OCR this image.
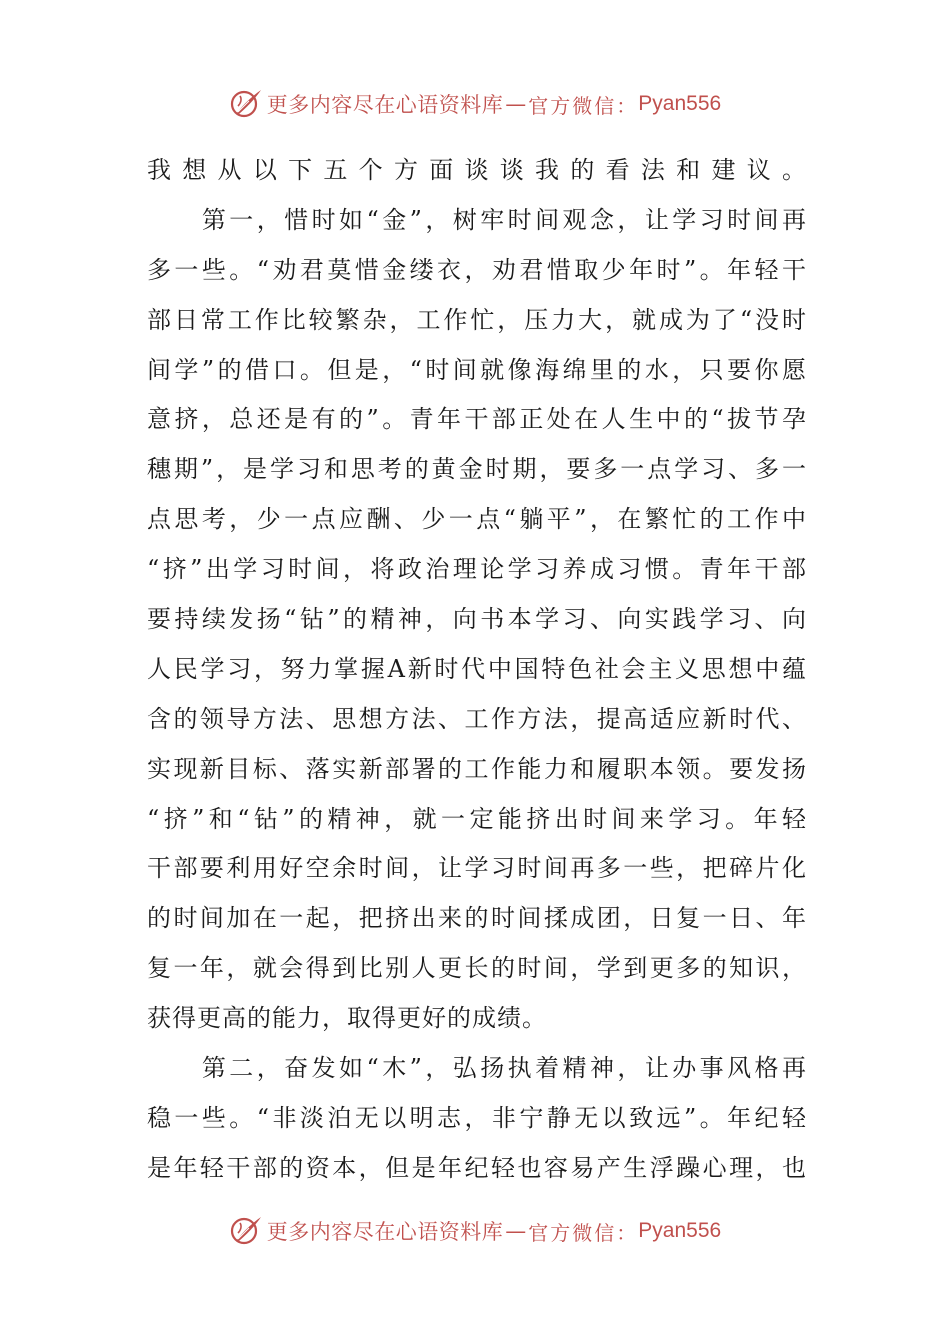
更多内容尽在心语资料库 — 官方微信： Pyan556
我想从以下五个方面谈谈我的看法和建议。
　　第一，惜时如“金”，树牢时间观念，让学习时间再
多一些。“劝君莫惜金缕衣，劝君惜取少年时”。年轻干
部日常工作比较繁杂，工作忙，压力大，就成为了“没时
间学”的借口。但是，“时间就像海绵里的水，只要你愿
意挤，总还是有的”。青年干部正处在人生中的“拔节孕
穗期”，是学习和思考的黄金时期，要多一点学习、多一
点思考，少一点应酬、少一点“躺平”，在繁忙的工作中
“挤”出学习时间，将政治理论学习养成习惯。青年干部
要持续发扬“钻”的精神，向书本学习、向实践学习、向
人民学习，努力掌握A新时代中国特色社会主义思想中蕴
含的领导方法、思想方法、工作方法，提高适应新时代、
实现新目标、落实新部署的工作能力和履职本领。要发扬
“挤”和“钻”的精神，就一定能挤出时间来学习。年轻
干部要利用好空余时间，让学习时间再多一些，把碎片化
的时间加在一起，把挤出来的时间揉成团，日复一日、年
复一年，就会得到比别人更长的时间，学到更多的知识，
获得更高的能力，取得更好的成绩。
　　第二，奋发如“木”，弘扬执着精神，让办事风格再
稳一些。“非淡泊无以明志，非宁静无以致远”。年纪轻
是年轻干部的资本，但是年纪轻也容易产生浮躁心理，也
更多内容尽在心语资料库 — 官方微信： Pyan556
